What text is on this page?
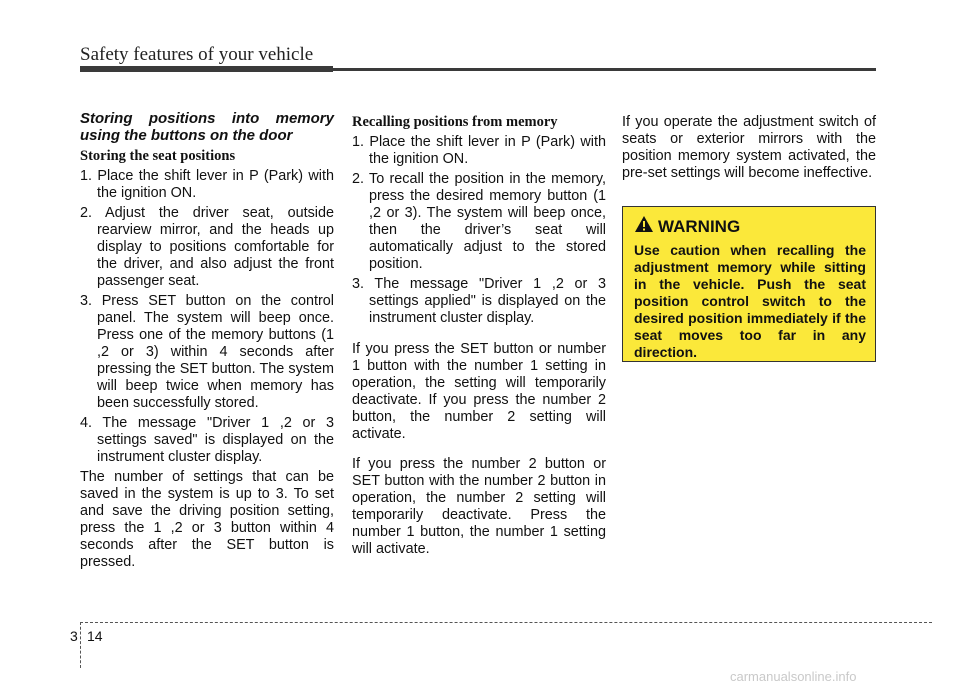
Safety features of your vehicle
Storing positions into memory using the buttons on the door
Storing the seat positions
1. Place the shift lever in P (Park) with the ignition ON.
2. Adjust the driver seat, outside rearview mirror, and the heads up display to positions comfortable for the driver, and also adjust the front passenger seat.
3. Press SET button on the control panel. The system will beep once. Press one of the memory buttons (1 ,2 or 3) within 4 seconds after pressing the SET button. The system will beep twice when memory has been successfully stored.
4. The message "Driver 1 ,2 or 3 settings saved" is displayed on the instrument cluster display.

The number of settings that can be saved in the system is up to 3. To set and save the driving position setting, press the 1 ,2 or 3 button within 4 seconds after the SET button is pressed.

Recalling positions from memory
1. Place the shift lever in P (Park) with the ignition ON.
2. To recall the position in the memory, press the desired memory button (1 ,2 or 3). The system will beep once, then the driver’s seat will automatically adjust to the stored position.
3. The message "Driver 1 ,2 or 3 settings applied" is displayed on the instrument cluster display.

If you press the SET button or number 1 button with the number 1 setting in operation, the setting will temporarily deactivate. If you press the number 2 button, the number 2 setting will activate.

If you press the number 2 button or SET button with the number 2 button in operation, the number 2 setting will temporarily deactivate. Press the number 1 button, the number 1 setting will activate.

If you operate the adjustment switch of seats or exterior mirrors with the position memory system activated, the pre-set settings will become ineffective.

WARNING
Use caution when recalling the adjustment memory while sitting in the vehicle. Push the seat position control switch to the desired position immediately if the seat moves too far in any direction.
3 14
carmanualsonline.info
